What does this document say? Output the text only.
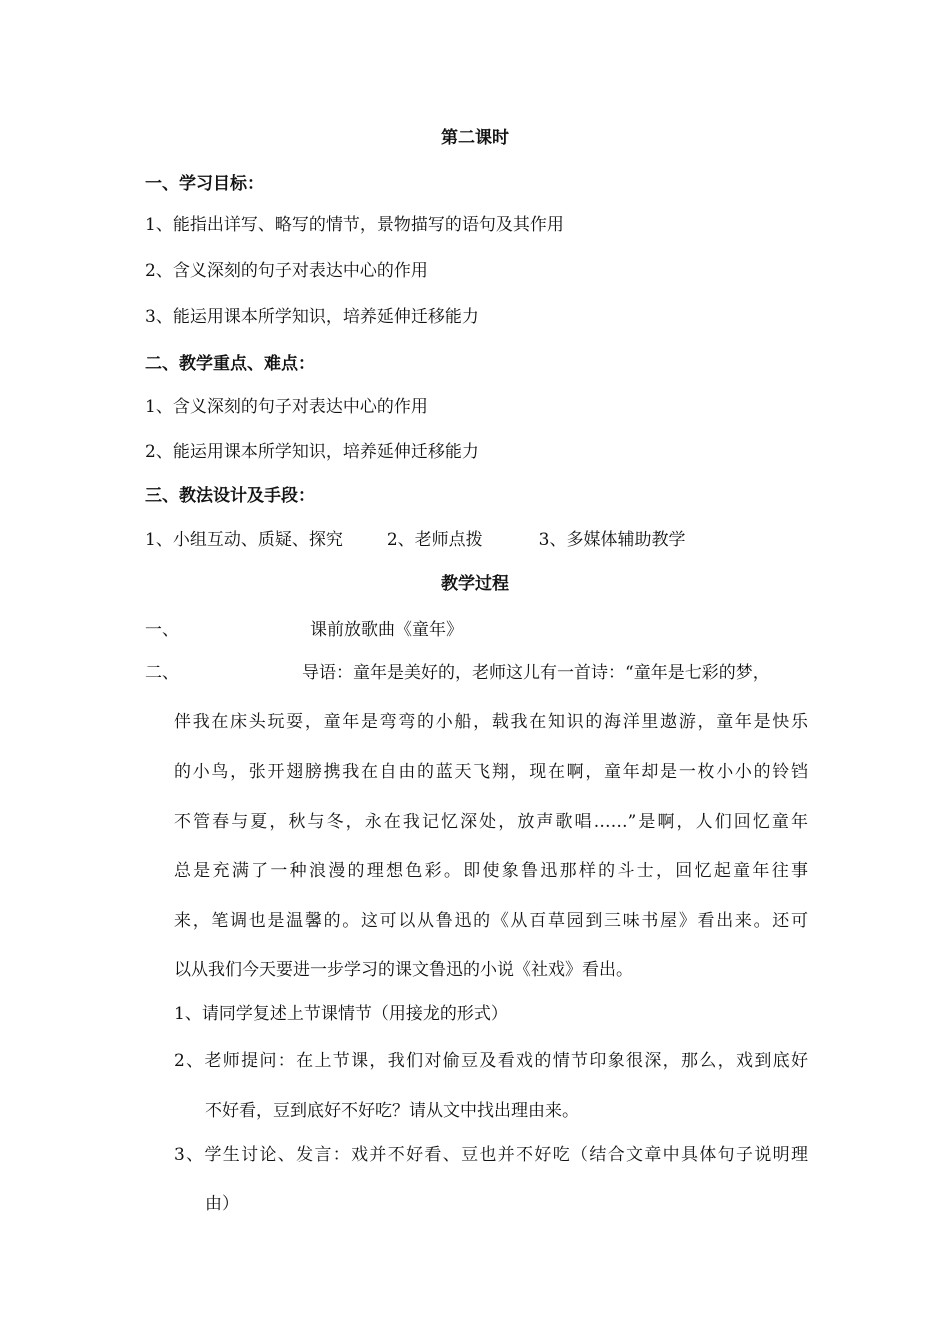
第二课时
一、学习目标：
1、能指出详写、略写的情节，景物描写的语句及其作用
2、含义深刻的句子对表达中心的作用
3、能运用课本所学知识，培养延伸迁移能力
二、教学重点、难点：
1、含义深刻的句子对表达中心的作用
2、能运用课本所学知识，培养延伸迁移能力
三、教法设计及手段：
1、小组互动、质疑、探究	2、老师点拨	3、多媒体辅助教学
教学过程
一、	课前放歌曲《童年》
二、	导语：童年是美好的，老师这儿有一首诗：“童年是七彩的梦，
伴我在床头玩耍，童年是弯弯的小船，载我在知识的海洋里遨游，童年是快乐
的小鸟，张开翅膀携我在自由的蓝天飞翔，现在啊，童年却是一枚小小的铃铛
不管春与夏，秋与冬，永在我记忆深处，放声歌唱……”是啊，人们回忆童年
总是充满了一种浪漫的理想色彩。即使象鲁迅那样的斗士，回忆起童年往事
来，笔调也是温馨的。这可以从鲁迅的《从百草园到三味书屋》看出来。还可
以从我们今天要进一步学习的课文鲁迅的小说《社戏》看出。
1、请同学复述上节课情节（用接龙的形式）
2、老师提问：在上节课，我们对偷豆及看戏的情节印象很深，那么，戏到底好
不好看，豆到底好不好吃？请从文中找出理由来。
3、学生讨论、发言：戏并不好看、豆也并不好吃（结合文章中具体句子说明理
由）
